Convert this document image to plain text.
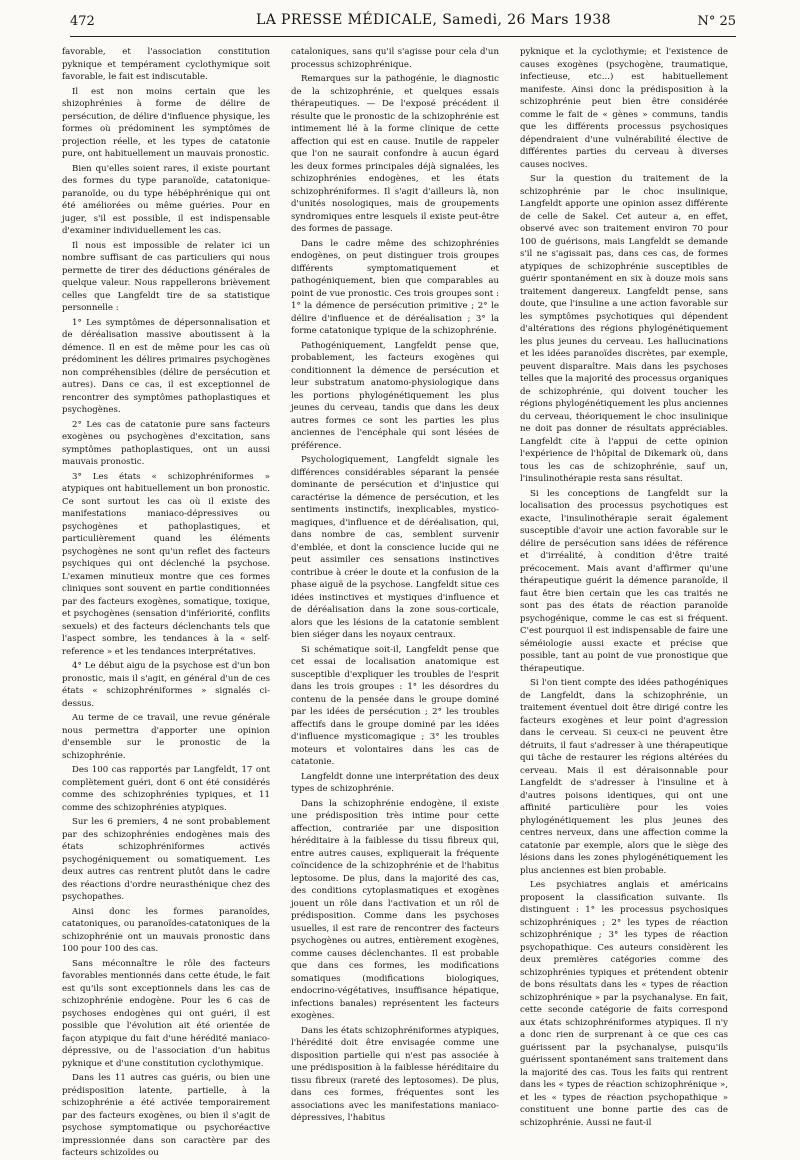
472	LA PRESSE MÉDICALE, Samedi, 26 Mars 1938	N° 25

favorable, et l'association constitution pyknique et tempérament cyclothymique soit favorable, le fait est indiscutable.

Il est non moins certain que les shizophrénies à forme de délire de persécution, de délire d'influence physique, les formes où prédominent les symptômes de projection réelle, et les types de catatonie pure, ont habituellement un mauvais pronostic.

Bien qu'elles soient rares, il existe pourtant des formes du type paranoïde, catatonique-paranoïde, ou du type hébéphrénique qui ont été améliorées ou même guéries. Pour en juger, s'il est possible, il est indispensable d'examiner individuellement les cas.

Il nous est impossible de relater ici un nombre suffisant de cas particuliers qui nous permette de tirer des déductions générales de quelque valeur. Nous rappellerons brièvement celles que Langfeldt tire de sa statistique personnelle :

1° Les symptômes de dépersonnalisation et de déréalisation massive aboutissent à la démence. Il en est de même pour les cas où prédominent les délires primaires psychogènes non compréhensibles (délire de persécution et autres). Dans ce cas, il est exceptionnel de rencontrer des symptômes pathoplastiques et psychogènes.

2° Les cas de catatonie pure sans facteurs exogènes ou psychogènes d'excitation, sans symptômes pathoplastiques, ont un aussi mauvais pronostic.

3° Les états « schizophréniformes » atypiques ont habituellement un bon pronostic. Ce sont surtout les cas où il existe des manifestations maniaco-dépressives ou psychogènes et pathoplastiques, et particulièrement quand les éléments psychogènes ne sont qu'un reflet des facteurs psychiques qui ont déclenché la psychose. L'examen minutieux montre que ces formes cliniques sont souvent en partie conditionnées par des facteurs exogènes, somatique, toxique, et psychogènes (sensation d'infériorité, conflits sexuels) et des facteurs déclenchants tels que l'aspect sombre, les tendances à la « self-reference » et les tendances interprétatives.

4° Le début aigu de la psychose est d'un bon pronostic, mais il s'agit, en général d'un de ces états « schizophréniformes » signalés ci-dessus.

Au terme de ce travail, une revue générale nous permettra d'apporter une opinion d'ensemble sur le pronostic de la schizophrénie.

Des 100 cas rapportés par Langfeldt, 17 ont complètement guéri, dont 6 ont été considérés comme des schizophrénies typiques, et 11 comme des schizophrénies atypiques.

Sur les 6 premiers, 4 ne sont probablement par des schizophrénies endogènes mais des états schizophréniformes activés psychogéniquement ou somatiquement. Les deux autres cas rentrent plutôt dans le cadre des réactions d'ordre neurasthénique chez des psychopathes.

Ainsi donc les formes paranoïdes, catatoniques, ou paranoïdes-catatoniques de la schizophrénie ont un mauvais pronostic dans 100 pour 100 des cas.

Sans méconnaître le rôle des facteurs favorables mentionnés dans cette étude, le fait est qu'ils sont exceptionnels dans les cas de schizophrénie endogène. Pour les 6 cas de psychoses endogènes qui ont guéri, il est possible que l'évolution ait été orientée de façon atypique du fait d'une hérédité maniaco-dépressive, ou de l'association d'un habitus pyknique et d'une constitution cyclothymique.

Dans les 11 autres cas guéris, ou bien une prédisposition latente, partielle, à la schizophrénie a été activée temporairement par des facteurs exogènes, ou bien il s'agit de psychose symptomatique ou psychoréactive impressionnée dans son caractère par des facteurs schizoïdes ou

cataloniques, sans qu'il s'agisse pour cela d'un processus schizophrénique.

Remarques sur la pathogénie, le diagnostic de la schizophrénie, et quelques essais thérapeutiques. — De l'exposé précédent il résulte que le pronostic de la schizophrénie est intimement lié à la forme clinique de cette affection qui est en cause. Inutile de rappeler que l'on ne saurait confondre à aucun égard les deux formes principales déjà signalées, les schizophrénies endogènes, et les états schizophréniformes. Il s'agit d'ailleurs là, non d'unités nosologiques, mais de groupements syndromiques entre lesquels il existe peut-être des formes de passage.

Dans le cadre même des schizophrénies endogènes, on peut distinguer trois groupes différents symptomatiquement et pathogéniquement, bien que comparables au point de vue pronostic. Ces trois groupes sont : 1° la démence de persécution primitive ; 2° le délire d'influence et de déréalisation ; 3° la forme catatonique typique de la schizophrénie.

Pathogéniquement, Langfeldt pense que, probablement, les facteurs exogènes qui conditionnent la démence de persécution et leur substratum anatomo-physiologique dans les portions phylogénétiquement les plus jeunes du cerveau, tandis que dans les deux autres formes ce sont les parties les plus anciennes de l'encéphale qui sont lésées de préférence.

Psychologiquement, Langfeldt signale les différences considérables séparant la pensée dominante de persécution et d'injustice qui caractérise la démence de persécution, et les sentiments instinctifs, inexplicables, mystico-magiques, d'influence et de déréalisation, qui, dans nombre de cas, semblent survenir d'emblée, et dont la conscience lucide qui ne peut assimiler ces sensations instinctives contribue à créer le doute et la confusion de la phase aiguë de la psychose. Langfeldt situe ces idées instinctives et mystiques d'influence et de déréalisation dans la zone sous-corticale, alors que les lésions de la catatonie semblent bien siéger dans les noyaux centraux.

Si schématique soit-il, Langfeldt pense que cet essai de localisation anatomique est susceptible d'expliquer les troubles de l'esprit dans les trois groupes : 1° les désordres du contenu de la pensée dans le groupe dominé par les idées de persécution ; 2° les troubles affectifs dans le groupe dominé par les idées d'influence mysticomagique ; 3° les troubles moteurs et volontaires dans les cas de catatonie.

Langfeldt donne une interprétation des deux types de schizophrénie.

Dans la schizophrénie endogène, il existe une prédisposition très intime pour cette affection, contrariée par une disposition héréditaire à la faiblesse du tissu fibreux qui, entre autres causes, expliquerait la fréquente coïncidence de la schizophrénie et de l'habitus leptosome. De plus, dans la majorité des cas, des conditions cytoplasmatiques et exogènes jouent un rôle dans l'activation et un rôl de prédisposition. Comme dans les psychoses usuelles, il est rare de rencontrer des facteurs psychogènes ou autres, entièrement exogènes, comme causes déclenchantes. Il est probable que dans ces formes, les modifications somatiques (modifications biologiques, endocrino-végétatives, insuffisance hépatique, infections banales) représentent les facteurs exogènes.

Dans les états schizophréniformes atypiques, l'hérédité doit être envisagée comme une disposition partielle qui n'est pas associée à une prédisposition à la faiblesse héréditaire du tissu fibreux (rareté des leptosomes). De plus, dans ces formes, fréquentes sont les associations avec les manifestations maniaco-dépressives, l'habitus

pyknique et la cyclothymie; et l'existence de causes exogènes (psychogène, traumatique, infectieuse, etc...) est habituellement manifeste. Ainsi donc la prédisposition à la schizophrénie peut bien être considérée comme le fait de « gènes » communs, tandis que les différents processus psychosiques dépendraient d'une vulnérabilité élective de différentes parties du cerveau à diverses causes nocives.

Sur la question du traitement de la schizophrénie par le choc insulinique, Langfeldt apporte une opinion assez différente de celle de Sakel. Cet auteur a, en effet, observé avec son traitement environ 70 pour 100 de guérisons, mais Langfeldt se demande s'il ne s'agissait pas, dans ces cas, de formes atypiques de schizophrénie susceptibles de guérir spontanément en six à douze mois sans traitement dangereux. Langfeldt pense, sans doute, que l'insuline a une action favorable sur les symptômes psychotiques qui dépendent d'altérations des régions phylogénétiquement les plus jeunes du cerveau. Les hallucinations et les idées paranoïdes discrètes, par exemple, peuvent disparaître. Mais dans les psychoses telles que la majorité des processus organiques de schizophrénie, qui doivent toucher les régions phylogénétiquement les plus anciennes du cerveau, théoriquement le choc insulinique ne doit pas donner de résultats appréciables. Langfeldt cite à l'appui de cette opinion l'expérience de l'hôpital de Dikemark où, dans tous les cas de schizophrénie, sauf un, l'insulinothérapie resta sans résultat.

Si les conceptions de Langfeldt sur la localisation des processus psychotiques est exacte, l'insulinothérapie serait également susceptible d'avoir une action favorable sur le délire de persécution sans idées de référence et d'irréalité, à condition d'être traité précocement. Mais avant d'affirmer qu'une thérapeutique guérit la démence paranoïde, il faut être bien certain que les cas traités ne sont pas des états de réaction paranoïde psychogénique, comme le cas est si fréquent. C'est pourquoi il est indispensable de faire une séméiologie aussi exacte et précise que possible, tant au point de vue pronostique que thérapeutique.

Si l'on tient compte des idées pathogéniques de Langfeldt, dans la schizophrénie, un traitement éventuel doit être dirigé contre les facteurs exogènes et leur point d'agression dans le cerveau. Si ceux-ci ne peuvent être détruits, il faut s'adresser à une thérapeutique qui tâche de restaurer les régions altérées du cerveau. Mais il est déraisonnable pour Langfeldt de s'adresser à l'insuline et à d'autres poisons identiques, qui ont une affinité particulière pour les voies phylogénétiquement les plus jeunes des centres nerveux, dans une affection comme la catatonie par exemple, alors que le siège des lésions dans les zones phylogénétiquement les plus anciennes est bien probable.

Les psychiatres anglais et américains proposent la classification suivante. Ils distinguent : 1° les processus psychosiques schizophréniques ; 2° les types de réaction schizophrénique ; 3° les types de réaction psychopathique. Ces auteurs considèrent les deux premières catégories comme des schizophrénies typiques et prétendent obtenir de bons résultats dans les « types de réaction schizophrénique » par la psychanalyse. En fait, cette seconde catégorie de faits correspond aux états schizophréniformes atypiques. Il n'y a donc rien de surprenant à ce que ces cas guérissent par la psychanalyse, puisqu'ils guérissent spontanément sans traitement dans la majorité des cas. Tous les faits qui rentrent dans les « types de réaction schizophrénique », et les « types de réaction psychopathique » constituent une bonne partie des cas de schizophrénie. Aussi ne faut-il
